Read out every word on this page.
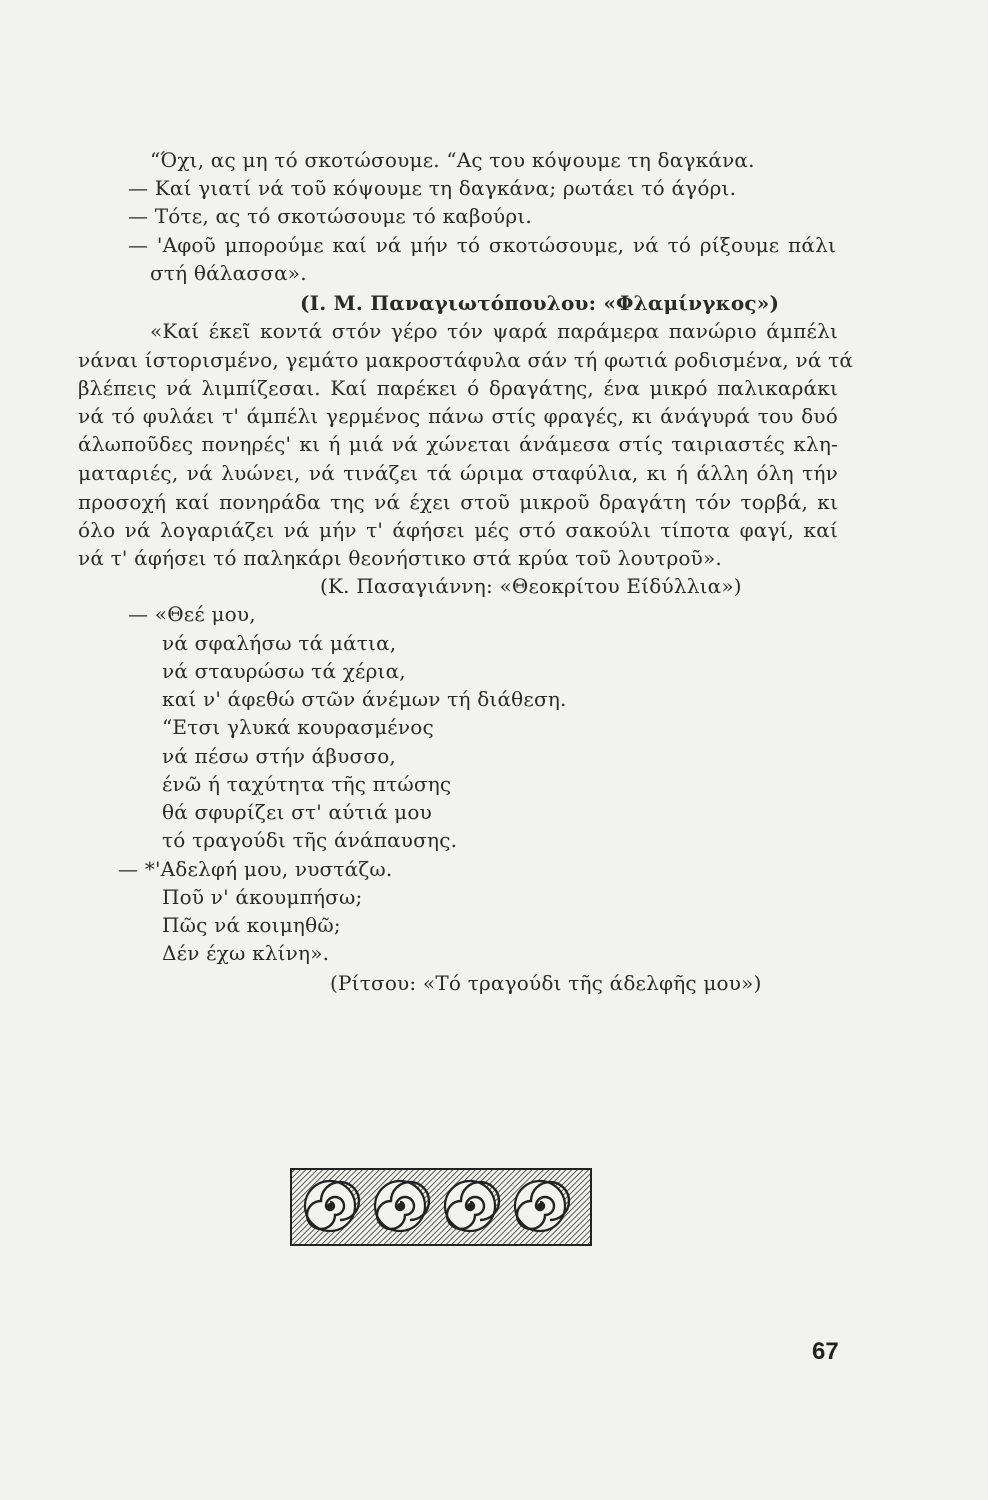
“Όχι, ας μη τό σκοτώσουμε. “Ας του κόψουμε τη δαγκάνα.
— Καί γιατί νά τοῦ κόψουμε τη δαγκάνα; ρωτάει τό άγόρι.
— Τότε, ας τό σκοτώσουμε τό καβούρι.
— 'Αφοῦ μπορούμε καί νά μήν τό σκοτώσουμε, νά τό ρίξουμε πάλι
στή θάλασσα».
(Ι. Μ. Παναγιωτόπουλου: «Φλαμίνγκος»)
«Καί έκεῖ κοντά στόν γέρο τόν ψαρά παράμερα πανώριο άμπέλι
νάναι ίστορισμένο, γεμάτο μακροστάφυλα σάν τή φωτιά ροδισμένα, νά τά
βλέπεις νά λιμπίζεσαι. Καί παρέκει ό δραγάτης, ένα μικρό παλικαράκι
νά τό φυλάει τ' άμπέλι γερμένος πάνω στίς φραγές, κι άνάγυρά του δυό
άλωποῦδες πονηρές' κι ή μιά νά χώνεται άνάμεσα στίς ταιριαστές κλη-
ματαριές, νά λυώνει, νά τινάζει τά ώριμα σταφύλια, κι ή άλλη όλη τήν
προσοχή καί πονηράδα της νά έχει στοῦ μικροῦ δραγάτη τόν τορβά, κι
όλο νά λογαριάζει νά μήν τ' άφήσει μές στό σακούλι τίποτα φαγί, καί
νά τ' άφήσει τό παληκάρι θεονήστικο στά κρύα τοῦ λουτροῦ».
(Κ. Πασαγιάννη: «Θεοκρίτου Είδύλλια»)
— «Θεέ μου,
νά σφαλήσω τά μάτια,
νά σταυρώσω τά χέρια,
καί ν' άφεθώ στῶν άνέμων τή διάθεση.
“Ετσι γλυκά κουρασμένος
νά πέσω στήν άβυσσο,
ένῶ ή ταχύτητα τῆς πτώσης
θά σφυρίζει στ' αύτιά μου
τό τραγούδι τῆς άνάπαυσης.
— *'Αδελφή μου, νυστάζω.
Ποῦ ν' άκουμπήσω;
Πῶς νά κοιμηθῶ;
Δέν έχω κλίνη».
(Ρίτσου: «Τό τραγούδι τῆς άδελφῆς μου»)
67
